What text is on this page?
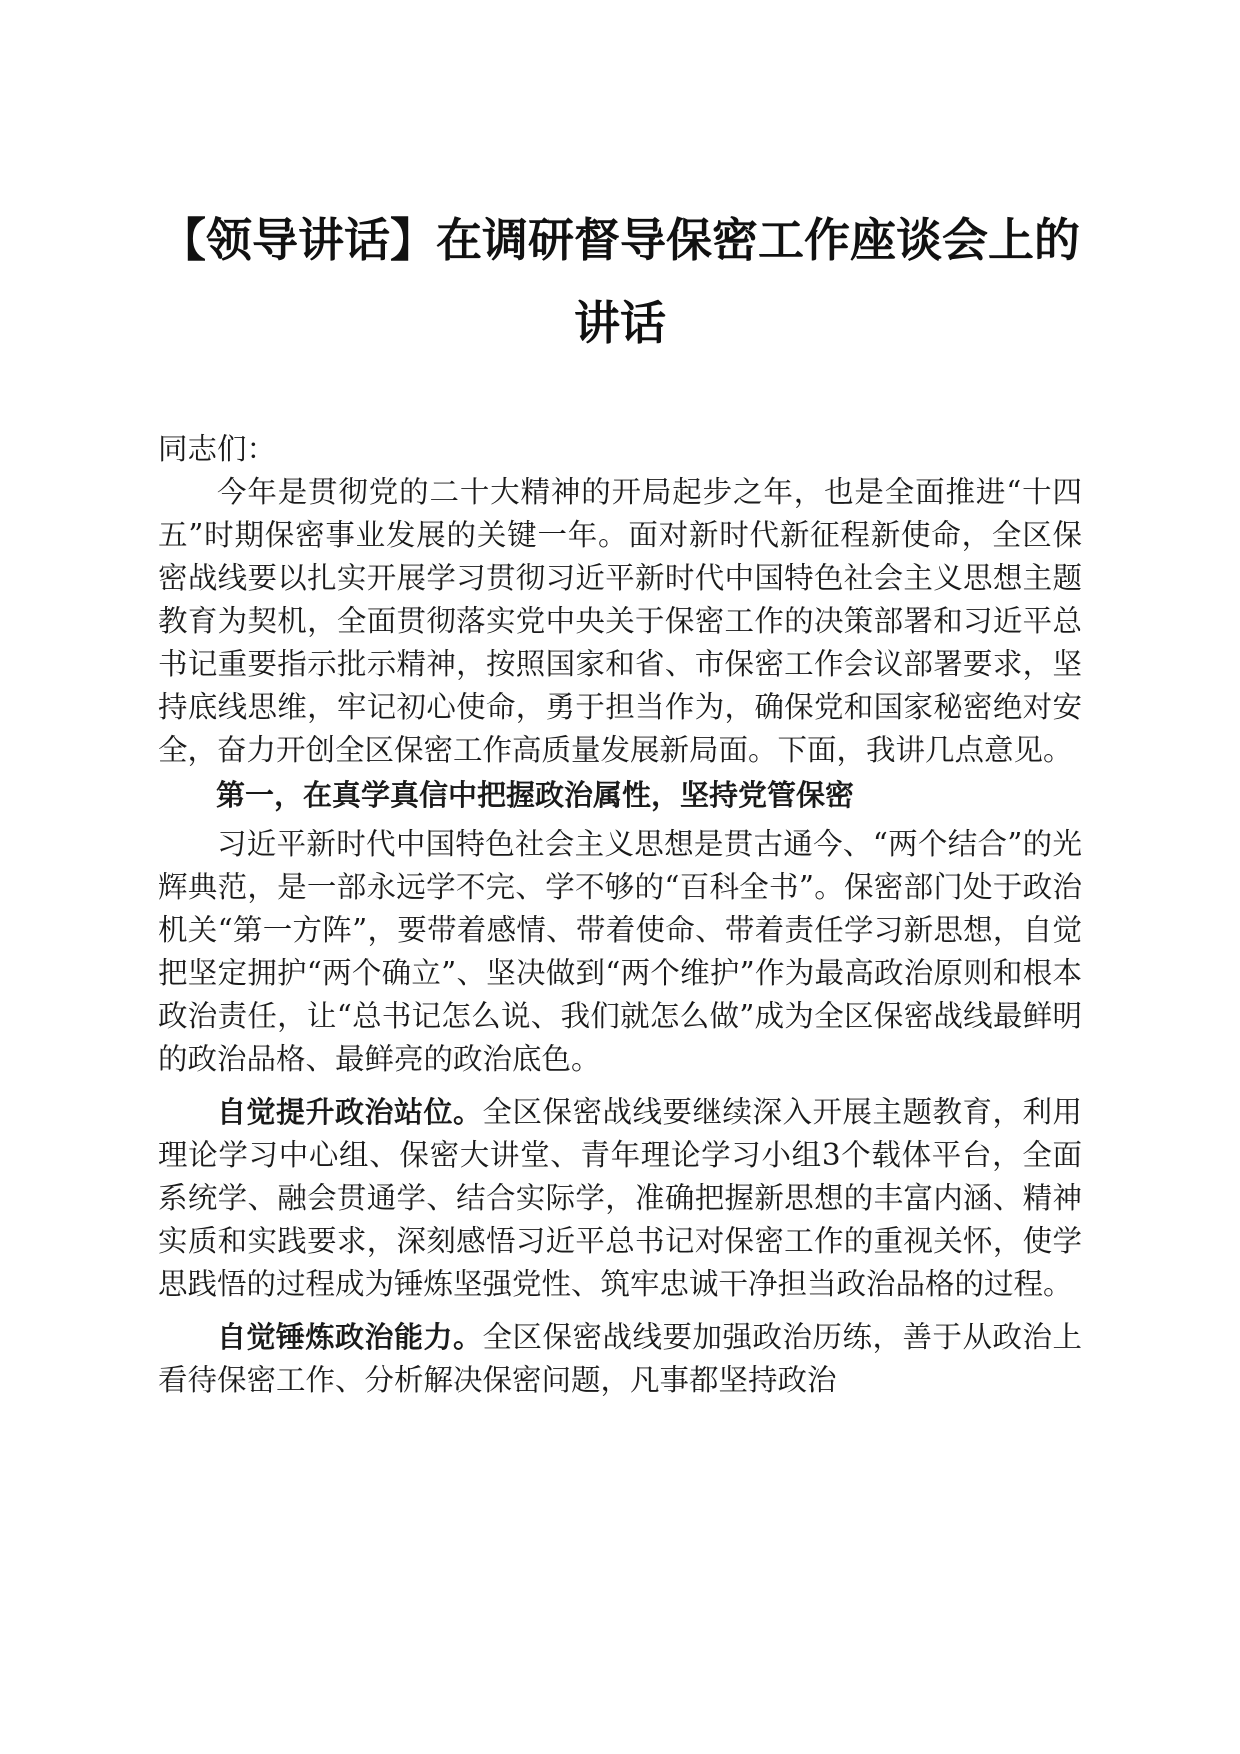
【领导讲话】在调研督导保密工作座谈会上的
讲话

同志们：

今年是贯彻党的二十大精神的开局起步之年，也是全面推进“十四五”时期保密事业发展的关键一年。面对新时代新征程新使命，全区保密战线要以扎实开展学习贯彻习近平新时代中国特色社会主义思想主题教育为契机，全面贯彻落实党中央关于保密工作的决策部署和习近平总书记重要指示批示精神，按照国家和省、市保密工作会议部署要求，坚持底线思维，牢记初心使命，勇于担当作为，确保党和国家秘密绝对安全，奋力开创全区保密工作高质量发展新局面。下面，我讲几点意见。

第一，在真学真信中把握政治属性，坚持党管保密

习近平新时代中国特色社会主义思想是贯古通今、“两个结合”的光辉典范，是一部永远学不完、学不够的“百科全书”。保密部门处于政治机关“第一方阵”，要带着感情、带着使命、带着责任学习新思想，自觉把坚定拥护“两个确立”、坚决做到“两个维护”作为最高政治原则和根本政治责任，让“总书记怎么说、我们就怎么做”成为全区保密战线最鲜明的政治品格、最鲜亮的政治底色。

自觉提升政治站位。全区保密战线要继续深入开展主题教育，利用理论学习中心组、保密大讲堂、青年理论学习小组3个载体平台，全面系统学、融会贯通学、结合实际学，准确把握新思想的丰富内涵、精神实质和实践要求，深刻感悟习近平总书记对保密工作的重视关怀，使学思践悟的过程成为锤炼坚强党性、筑牢忠诚干净担当政治品格的过程。

自觉锤炼政治能力。全区保密战线要加强政治历练，善于从政治上看待保密工作、分析解决保密问题，凡事都坚持政治
